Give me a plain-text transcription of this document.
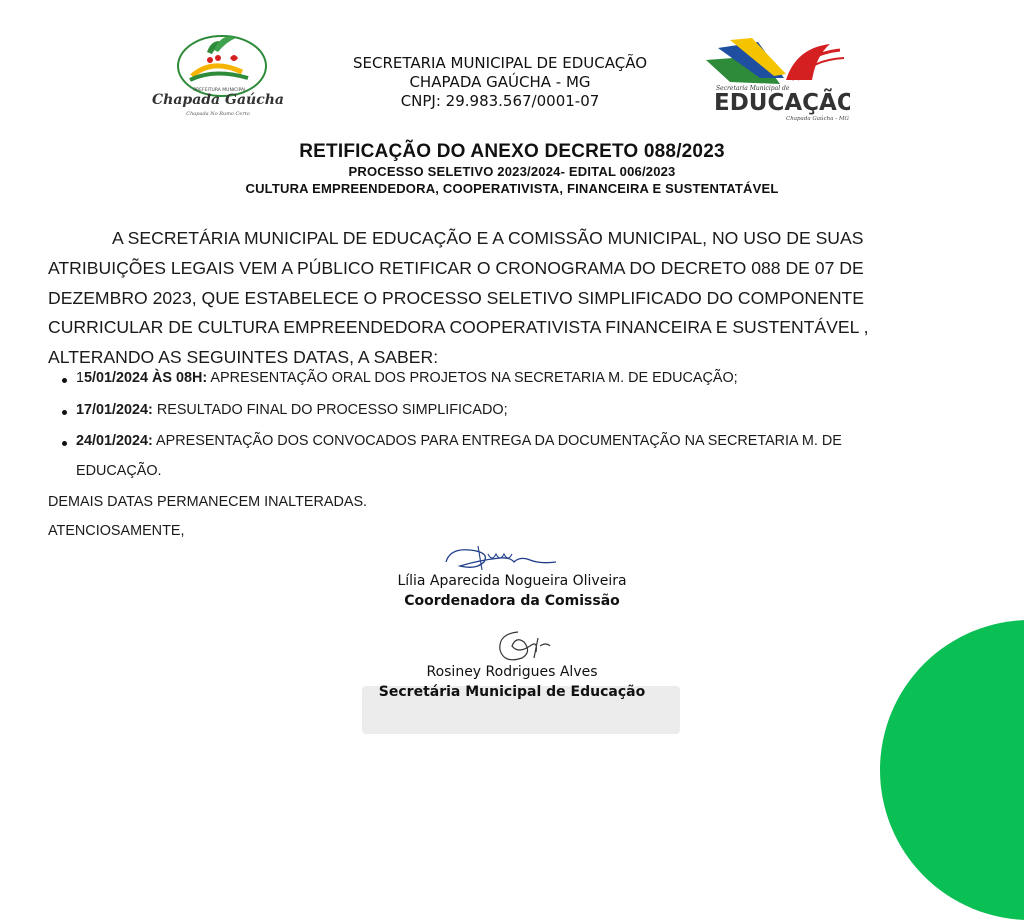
PREFEITURA MUNICIPAL
Chapada Gaúcha
Chapada No Rumo Certo
SECRETARIA MUNICIPAL DE EDUCAÇÃO
CHAPADA GAÚCHA - MG
CNPJ: 29.983.567/0001-07
Secretaria Municipal de
EDUCAÇÃO
Chapada Gaúcha - MG
RETIFICAÇÃO DO ANEXO DECRETO 088/2023
PROCESSO SELETIVO 2023/2024- EDITAL 006/2023
CULTURA EMPREENDEDORA, COOPERATIVISTA, FINANCEIRA E SUSTENTATÁVEL
A SECRETÁRIA MUNICIPAL DE EDUCAÇÃO E A COMISSÃO MUNICIPAL, NO USO DE SUAS
ATRIBUIÇÕES LEGAIS VEM A PÚBLICO RETIFICAR O CRONOGRAMA DO DECRETO 088 DE 07 DE
DEZEMBRO 2023, QUE ESTABELECE O PROCESSO SELETIVO SIMPLIFICADO DO COMPONENTE
CURRICULAR DE CULTURA EMPREENDEDORA COOPERATIVISTA FINANCEIRA E SUSTENTÁVEL ,
ALTERANDO AS SEGUINTES DATAS, A SABER:
15/01/2024 ÀS 08H: APRESENTAÇÃO ORAL DOS PROJETOS NA SECRETARIA M. DE EDUCAÇÃO;
17/01/2024: RESULTADO FINAL DO PROCESSO SIMPLIFICADO;
24/01/2024: APRESENTAÇÃO DOS CONVOCADOS PARA ENTREGA DA DOCUMENTAÇÃO NA SECRETARIA M. DE
EDUCAÇÃO.
DEMAIS DATAS PERMANECEM INALTERADAS.
ATENCIOSAMENTE,
Lília Aparecida Nogueira Oliveira
Coordenadora da Comissão
Rosiney Rodrigues Alves
Secretária Municipal de Educação
